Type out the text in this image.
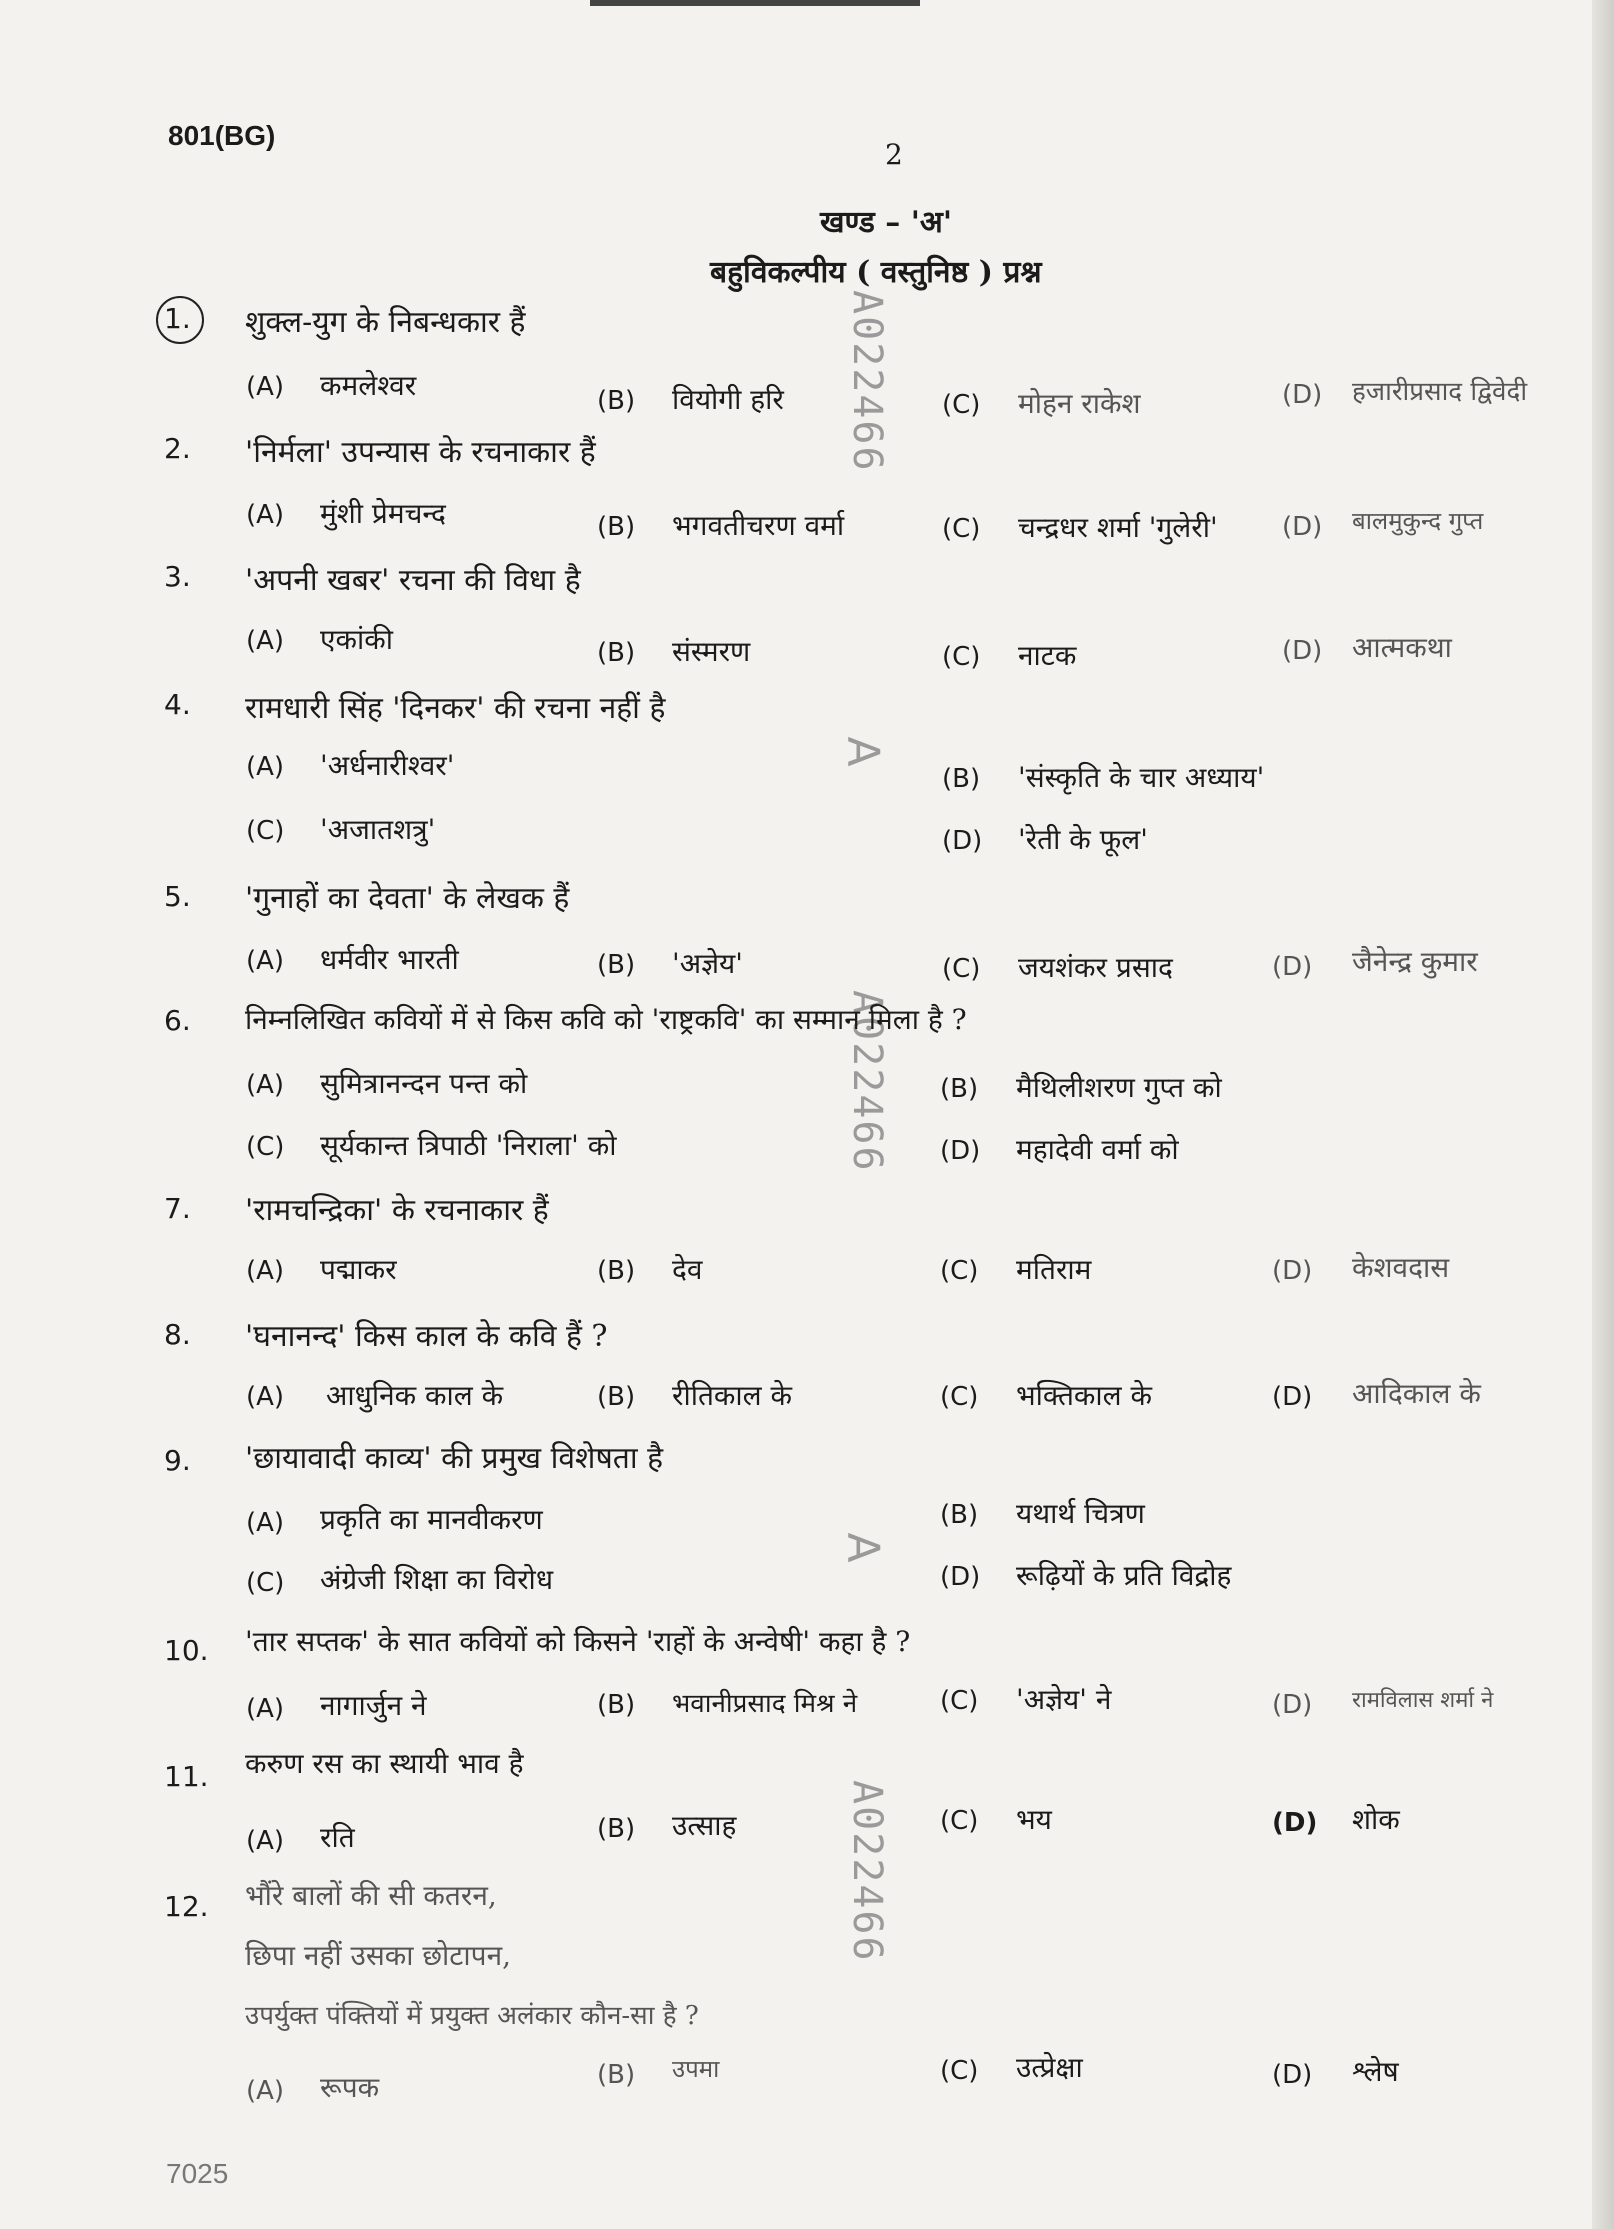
801(BG)
2
खण्ड – 'अ'
बहुविकल्पीय ( वस्तुनिष्ठ ) प्रश्न
A022466
A022466
A022466
A
A
1. शुक्ल-युग के निबन्धकार हैं
(A) कमलेश्वर	(B) वियोगी हरि	(C) मोहन राकेश	(D) हजारीप्रसाद द्विवेदी
2. 'निर्मला' उपन्यास के रचनाकार हैं
(A) मुंशी प्रेमचन्द	(B) भगवतीचरण वर्मा	(C) चन्द्रधर शर्मा 'गुलेरी' (D) बालमुकुन्द गुप्त
3. 'अपनी खबर' रचना की विधा है
(A) एकांकी	(B) संस्मरण	(C) नाटक	(D) आत्मकथा
4. रामधारी सिंह 'दिनकर' की रचना नहीं है
(A) 'अर्धनारीश्वर'	(B) 'संस्कृति के चार अध्याय'
(C) 'अजातशत्रु'	(D) 'रेती के फूल'
5. 'गुनाहों का देवता' के लेखक हैं
(A) धर्मवीर भारती	(B) 'अज्ञेय'	(C) जयशंकर प्रसाद	(D) जैनेन्द्र कुमार
6. निम्नलिखित कवियों में से किस कवि को 'राष्ट्रकवि' का सम्मान मिला है ?
(A) सुमित्रानन्दन पन्त को	(B) मैथिलीशरण गुप्त को
(C) सूर्यकान्त त्रिपाठी 'निराला' को	(D) महादेवी वर्मा को
7. 'रामचन्द्रिका' के रचनाकार हैं
(A) पद्माकर	(B) देव	(C) मतिराम	(D) केशवदास
8. 'घनानन्द' किस काल के कवि हैं ?
(A) आधुनिक काल के	(B) रीतिकाल के	(C) भक्तिकाल के	(D) आदिकाल के
9. 'छायावादी काव्य' की प्रमुख विशेषता है
(A) प्रकृति का मानवीकरण	(B) यथार्थ चित्रण
(C) अंग्रेजी शिक्षा का विरोध	(D) रूढ़ियों के प्रति विद्रोह
10. 'तार सप्तक' के सात कवियों को किसने 'राहों के अन्वेषी' कहा है ?
(A) नागार्जुन ने	(B) भवानीप्रसाद मिश्र ने	(C) 'अज्ञेय' ने	(D) रामविलास शर्मा ने
11. करुण रस का स्थायी भाव है
(A) रति	(B) उत्साह	(C) भय	(D) शोक
12. भौंरे बालों की सी कतरन,
छिपा नहीं उसका छोटापन,
उपर्युक्त पंक्तियों में प्रयुक्त अलंकार कौन-सा है ?
(A) रूपक	(B) उपमा	(C) उत्प्रेक्षा	(D) श्लेष
7025
